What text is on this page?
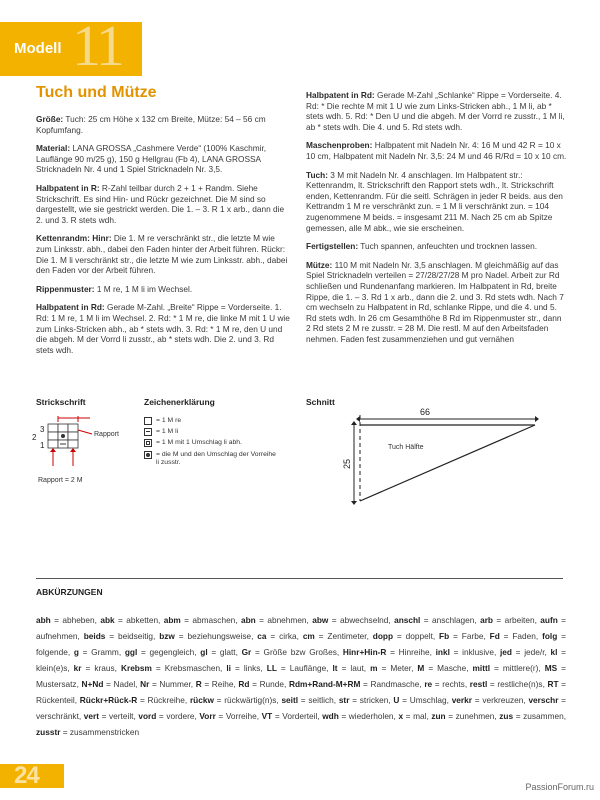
Modell 11
Tuch und Mütze

Größe: Tuch: 25 cm Höhe x 132 cm Breite, Mütze: 54 – 56 cm Kopfumfang.

Material: LANA GROSSA „Cashmere Verde“ (100% Kaschmir, Lauflänge 90 m/25 g), 150 g Hellgrau (Fb 4), LANA GROSSA Stricknadeln Nr. 4 und 1 Spiel Stricknadeln Nr. 3,5.

Halbpatent in R: R-Zahl teilbar durch 2 + 1 + Randm. Siehe Strickschrift. Es sind Hin- und Rückr gezeichnet. Die M sind so dargestellt, wie sie gestrickt werden. Die 1. – 3. R 1 x arb., dann die 2. und 3. R stets wdh.

Kettenrandm: Hinr: Die 1. M re verschränkt str., die letzte M wie zum Linksstr. abh., dabei den Faden hinter der Arbeit führen. Rückr: Die 1. M li verschränkt str., die letzte M wie zum Linksstr. abh., dabei den Faden vor der Arbeit führen.

Rippenmuster: 1 M re, 1 M li im Wechsel.

Halbpatent in Rd: Gerade M-Zahl. „Breite“ Rippe = Vorderseite. 1. Rd: 1 M re, 1 M li im Wechsel. 2. Rd: * 1 M re, die linke M mit 1 U wie zum Links-Stricken abh., ab * stets wdh. 3. Rd: * 1 M re, den U und die abgeh. M der Vorrd li zusstr., ab * stets wdh. Die 2. und 3. Rd stets wdh.

Halbpatent in Rd: Gerade M-Zahl „Schlanke“ Rippe = Vorderseite. 4. Rd: * Die rechte M mit 1 U wie zum Links-Stricken abh., 1 M li, ab * stets wdh. 5. Rd: * Den U und die abgeh. M der Vorrd re zusstr., 1 M li, ab * stets wdh. Die 4. und 5. Rd stets wdh.

Maschenproben: Halbpatent mit Nadeln Nr. 4: 16 M und 42 R = 10 x 10 cm, Halbpatent mit Nadeln Nr. 3,5: 24 M und 46 R/Rd = 10 x 10 cm.

Tuch: 3 M mit Nadeln Nr. 4 anschlagen. Im Halbpatent str.: Kettenrandm, lt. Strickschrift den Rapport stets wdh., lt. Strickschrift enden, Kettenrandm. Für die seitl. Schrägen in jeder R beids. aus den Kettrandm 1 M re verschränkt zun. = 1 M li verschränkt zun. = 104 zugenommene M beids. = insgesamt 211 M. Nach 25 cm ab Spitze gemessen, alle M abk., wie sie erscheinen.

Fertigstellen: Tuch spannen, anfeuchten und trocknen lassen.

Mütze: 110 M mit Nadeln Nr. 3,5 anschlagen. M gleichmäßig auf das Spiel Stricknadeln verteilen = 27/28/27/28 M pro Nadel. Arbeit zur Rd schließen und Rundenanfang markieren. Im Halbpatent in Rd, breite Rippe, die 1. – 3. Rd 1 x arb., dann die 2. und 3. Rd stets wdh. Nach 7 cm wechseln zu Halbpatent in Rd, schlanke Rippe, und die 4. und 5. Rd stets wdh. In 26 cm Gesamthöhe 8 Rd im Rippenmuster str., dann 2 Rd stets 2 M re zusstr. = 28 M. Die restl. M auf den Arbeitsfaden nehmen. Faden fest zusammenziehen und gut vernähen

Strickschrift
3
2
1
Rapport
Rapport = 2 M
Zeichenerklärung
= 1 M re
= 1 M li
= 1 M mit 1 Umschlag li abh.
= die M und den Umschlag der Vorreihe li zusstr.
Schnitt
66
25
Tuch Hälfte
ABKÜRZUNGEN
abh = abheben, abk = abketten, abm = abmaschen, abn = abnehmen, abw = abwechselnd, anschl = anschlagen, arb = arbeiten, aufn = aufnehmen, beids = beidseitig, bzw = beziehungsweise, ca = cirka, cm = Zentimeter, dopp = doppelt, Fb = Farbe, Fd = Faden, folg = folgende, g = Gramm, ggl = gegengleich, gl = glatt, Gr = Größe bzw Großes, Hinr+Hin-R = Hinreihe, inkl = inklusive, jed = jede/r, kl = klein(e)s, kr = kraus, Krebsm = Krebsmaschen, li = links, LL = Lauflänge, lt = laut, m = Meter, M = Masche, mittl = mittlere(r), MS = Mustersatz, N+Nd = Nadel, Nr = Nummer, R = Reihe, Rd = Runde, Rdm+Rand-M+RM = Randmasche, re = rechts, restl = restliche(n)s, RT = Rückenteil, Rückr+Rück-R = Rückreihe, rückw = rückwärtig(n)s, seitl = seitlich, str = stricken, U = Umschlag, verkr = verkreuzen, verschr = verschränkt, vert = verteilt, vord = vordere, Vorr = Vorreihe, VT = Vorderteil, wdh = wiederholen, x = mal, zun = zunehmen, zus = zusammen, zusstr = zusammenstricken
24	PassionForum.ru
